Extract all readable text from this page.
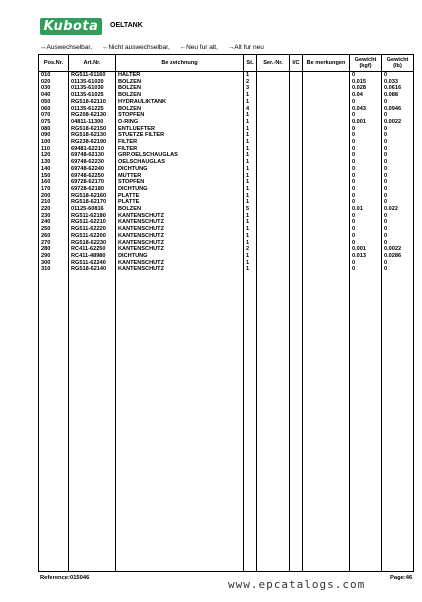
Kubota	OELTANK
↔Auswechselbar, ←Nicht auswechselbar, ←Neu fur alt, →Alt fur neu
Pos.Nr.	Art.Nr.	Be zeichnung	St.	Ser.-Nr.	I/C	Be merkungen	Gewicht (kgf)	Gewicht (lb)
010	RG511-61160	HALTER	1				0	0
020	01135-61020	BOLZEN	2				0.015	0.033
030	01135-61030	BOLZEN	3				0.028	0.0616
040	01135-61025	BOLZEN	1				0.04	0.088
050	RG518-62110	HYDRAULIKTANK	1				0	0
060	01135-61225	BOLZEN	4				0.043	0.0946
070	RG208-62130	STOPFEN	1				0	0
075	04811-11300	O-RING	1				0.001	0.0022
080	RG518-62150	ENTLUEFTER	1				0	0
090	RG518-62130	STUETZE FILTER	1				0	0
100	RG238-62190	FILTER	1				0	0
110	69481-62210	FILTER	1				0	0
120	69748-62130	GRP.OELSCHAUGLAS	1				0	0
130	69748-62230	OELSCHAUGLAS	1				0	0
140	69748-62240	DICHTUNG	1				0	0
150	69748-62250	MUTTER	1				0	0
160	69728-62170	STOPFEN	1				0	0
170	69728-62180	DICHTUNG	1				0	0
200	RG518-62160	PLATTE	1				0	0
210	RG518-62170	PLATTE	1				0	0
220	01125-60816	BOLZEN	5				0.01	0.022
230	RG511-62180	KANTENSCHUTZ	1				0	0
240	RG511-62210	KANTENSCHUTZ	1				0	0
250	RG511-62220	KANTENSCHUTZ	1				0	0
260	RG511-62200	KANTENSCHUTZ	1				0	0
270	RG518-62230	KANTENSCHUTZ	1				0	0
280	RC411-62250	KANTENSCHUTZ	2				0.001	0.0022
290	RC411-48980	DICHTUNG	1				0.013	0.0286
300	RG511-62240	KANTENSCHUTZ	1				0	0
310	RG518-62140	KANTENSCHUTZ	1				0	0

Reference:015046	www.epcatalogs.com	Page:46
